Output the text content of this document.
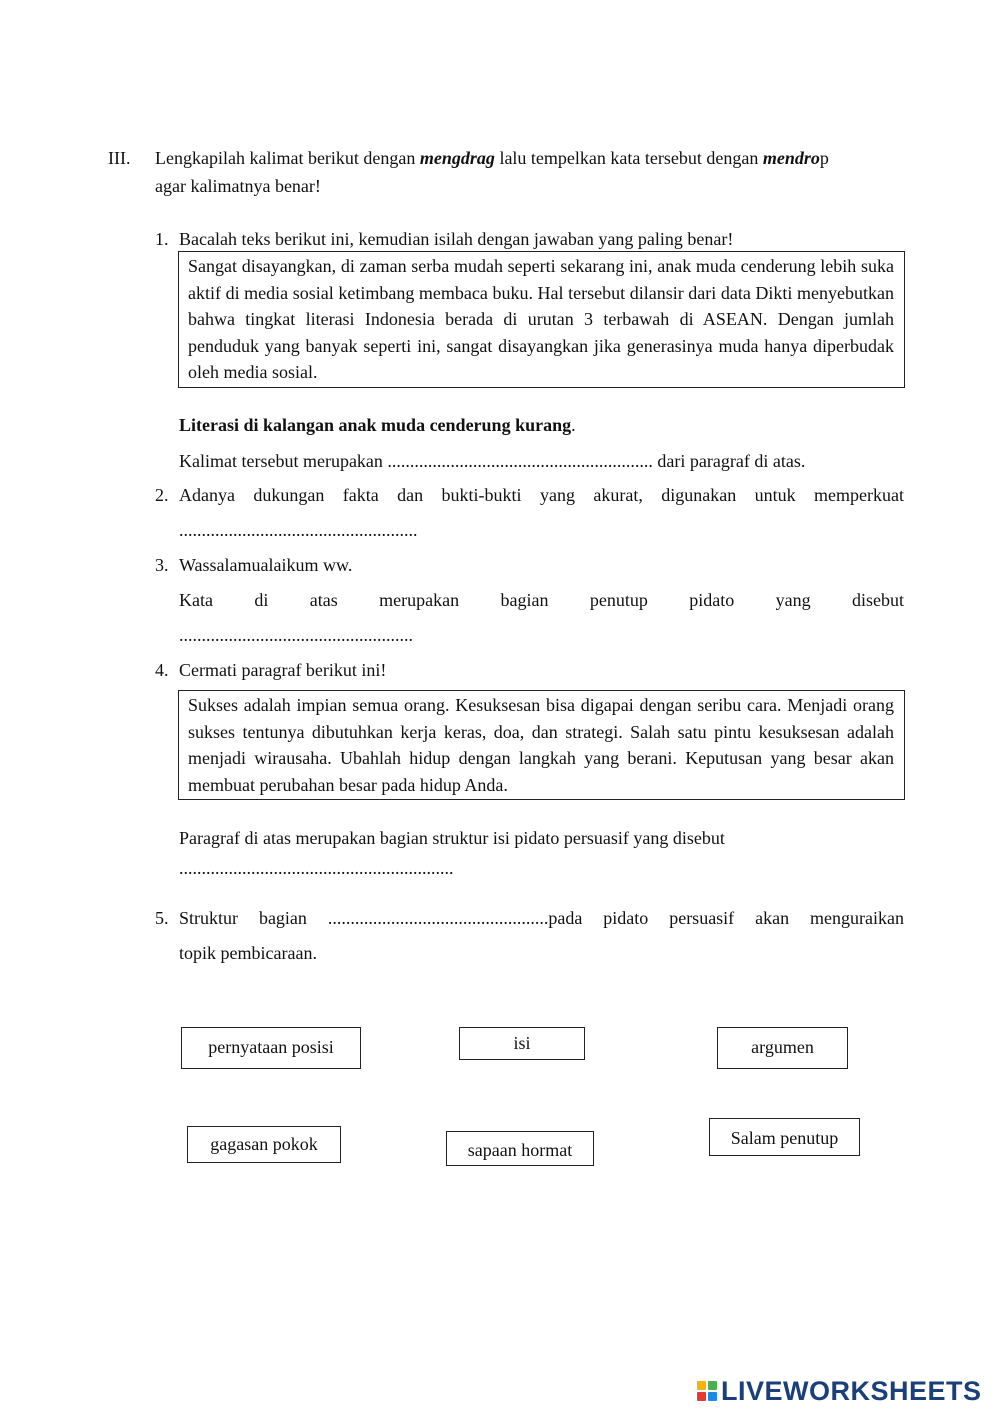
III. Lengkapilah kalimat berikut dengan mengdrag lalu tempelkan kata tersebut dengan mendrop
agar kalimatnya benar!
1. Bacalah teks berikut ini, kemudian isilah dengan jawaban yang paling benar!
Sangat disayangkan, di zaman serba mudah seperti sekarang ini, anak muda cenderung lebih suka aktif di media sosial ketimbang membaca buku. Hal tersebut dilansir dari data Dikti menyebutkan bahwa tingkat literasi Indonesia berada di urutan 3 terbawah di ASEAN. Dengan jumlah penduduk yang banyak seperti ini, sangat disayangkan jika generasinya muda hanya diperbudak oleh media sosial.
Literasi di kalangan anak muda cenderung kurang.
Kalimat tersebut merupakan ........................................................... dari paragraf di atas.
2. Adanya dukungan fakta dan bukti-bukti yang akurat, digunakan untuk memperkuat
.....................................................
3. Wassalamualaikum ww.
Kata di atas merupakan bagian penutup pidato yang disebut
....................................................
4. Cermati paragraf berikut ini!
Sukses adalah impian semua orang. Kesuksesan bisa digapai dengan seribu cara. Menjadi orang sukses tentunya dibutuhkan kerja keras, doa, dan strategi. Salah satu pintu kesuksesan adalah menjadi wirausaha. Ubahlah hidup dengan langkah yang berani. Keputusan yang besar akan membuat perubahan besar pada hidup Anda.
Paragraf di atas merupakan bagian struktur isi pidato persuasif yang disebut
.............................................................
5. Struktur bagian .................................................pada pidato persuasif akan menguraikan
topik pembicaraan.
pernyataan posisi	isi	argumen
gagasan pokok	sapaan hormat
Salam penutup
LIVEWORKSHEETS
